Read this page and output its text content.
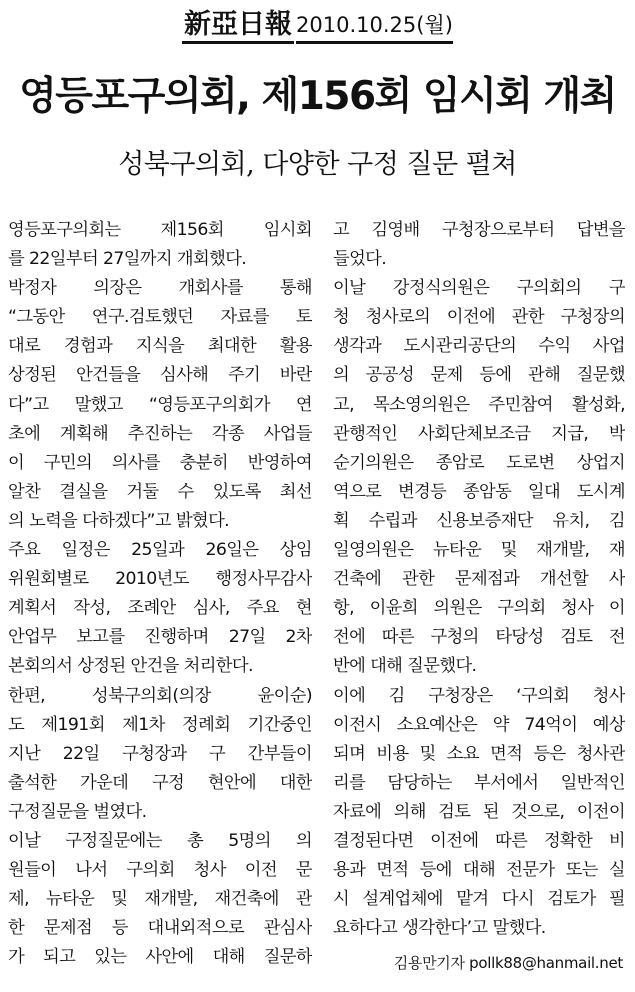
新亞日報 2010.10.25(월)
영등포구의회, 제156회 임시회 개최
성북구의회, 다양한 구정 질문 펼쳐
영등포구의회는 제156회 임시회
를 22일부터 27일까지 개회했다.
박정자 의장은 개회사를 통해
“그동안 연구.검토했던 자료를 토
대로 경험과 지식을 최대한 활용
상정된 안건들을 심사해 주기 바란
다”고 말했고 “영등포구의회가 연
초에 계획해 추진하는 각종 사업들
이 구민의 의사를 충분히 반영하여
알찬 결실을 거둘 수 있도록 최선
의 노력을 다하겠다”고 밝혔다.
주요 일정은 25일과 26일은 상임
위원회별로 2010년도 행정사무감사
계획서 작성, 조례안 심사, 주요 현
안업무 보고를 진행하며 27일 2차
본회의서 상정된 안건을 처리한다.
한편, 성북구의회(의장 윤이순)
도 제191회 제1차 정례회 기간중인
지난 22일 구청장과 구 간부들이
출석한 가운데 구정 현안에 대한
구정질문을 벌였다.
이날 구정질문에는 총 5명의 의
원들이 나서 구의회 청사 이전 문
제, 뉴타운 및 재개발, 재건축에 관
한 문제점 등 대내외적으로 관심사
가 되고 있는 사안에 대해 질문하
고 김영배 구청장으로부터 답변을
들었다.
이날 강정식의원은 구의회의 구
청 청사로의 이전에 관한 구청장의
생각과 도시관리공단의 수익 사업
의 공공성 문제 등에 관해 질문했
고, 목소영의원은 주민참여 활성화,
관행적인 사회단체보조금 지급, 박
순기의원은 종암로 도로변 상업지
역으로 변경등 종암동 일대 도시계
획 수립과 신용보증재단 유치, 김
일영의원은 뉴타운 및 재개발, 재
건축에 관한 문제점과 개선할 사
항, 이윤희 의원은 구의회 청사 이
전에 따른 구청의 타당성 검토 전
반에 대해 질문했다.
이에 김 구청장은 ‘구의회 청사
이전시 소요예산은 약 74억이 예상
되며 비용 및 소요 면적 등은 청사관
리를 담당하는 부서에서 일반적인
자료에 의해 검토 된 것으로, 이전이
결정된다면 이전에 따른 정확한 비
용과 면적 등에 대해 전문가 또는 실
시 설계업체에 맡겨 다시 검토가 필
요하다고 생각한다’고 말했다.
김용만기자 pollk88@hanmail.net
